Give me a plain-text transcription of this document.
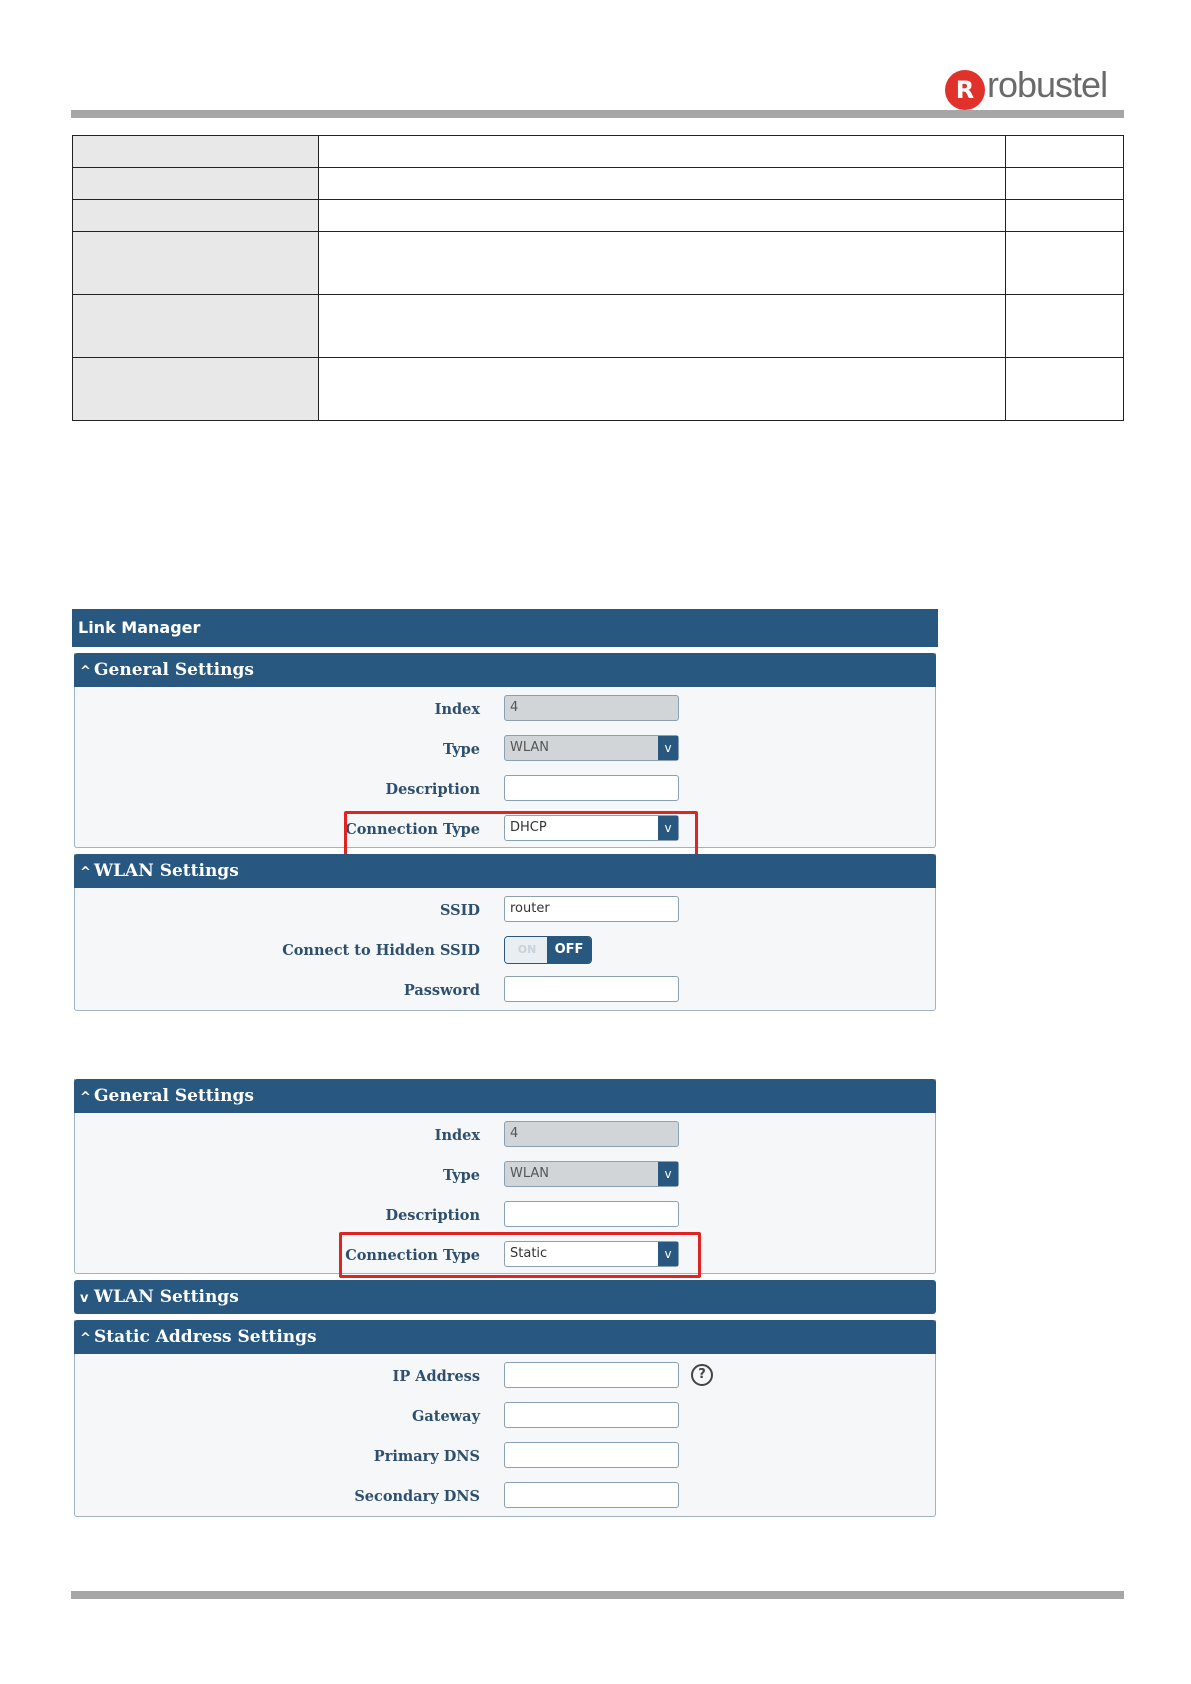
R robustel

Link Manager
^ General Settings
Index	4
Type	WLAN	v
Description
Connection Type	DHCP	v
^ WLAN Settings
SSID	router
Connect to Hidden SSID	ON	OFF
Password
^ General Settings
Index	4
Type	WLAN	v
Description
Connection Type	Static	v
v WLAN Settings
^ Static Address Settings
IP Address	?
Gateway
Primary DNS
Secondary DNS
